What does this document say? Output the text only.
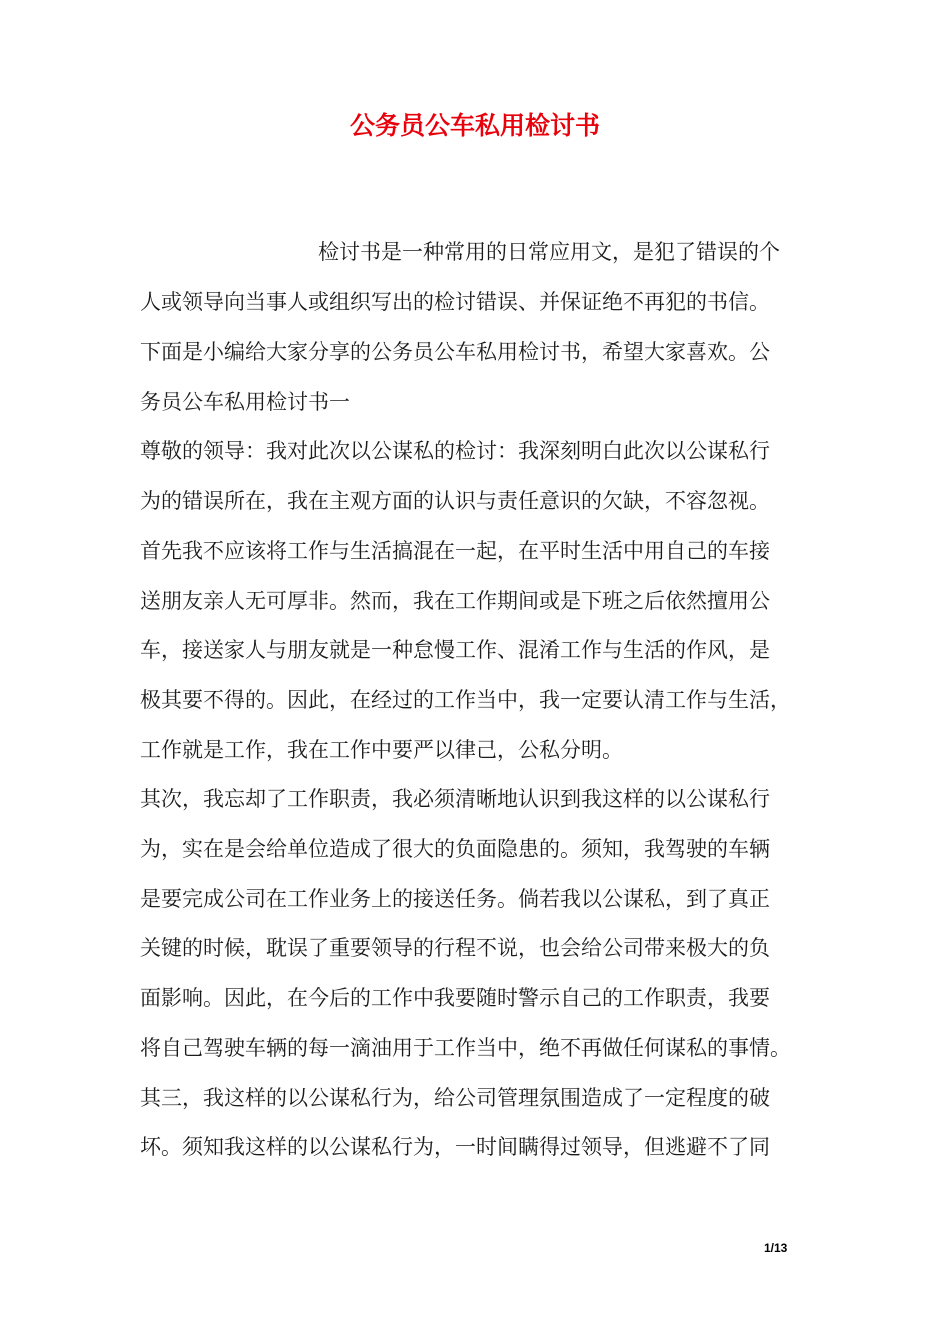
公务员公车私用检讨书

检讨书是一种常用的日常应用文，是犯了错误的个

人或领导向当事人或组织写出的检讨错误、并保证绝不再犯的书信。

下面是小编给大家分享的公务员公车私用检讨书，希望大家喜欢。公

务员公车私用检讨书一

尊敬的领导：我对此次以公谋私的检讨：我深刻明白此次以公谋私行

为的错误所在，我在主观方面的认识与责任意识的欠缺，不容忽视。

首先我不应该将工作与生活搞混在一起，在平时生活中用自己的车接

送朋友亲人无可厚非。然而，我在工作期间或是下班之后依然擅用公

车，接送家人与朋友就是一种怠慢工作、混淆工作与生活的作风，是

极其要不得的。因此，在经过的工作当中，我一定要认清工作与生活，

工作就是工作，我在工作中要严以律己，公私分明。

其次，我忘却了工作职责，我必须清晰地认识到我这样的以公谋私行

为，实在是会给单位造成了很大的负面隐患的。须知，我驾驶的车辆

是要完成公司在工作业务上的接送任务。倘若我以公谋私，到了真正

关键的时候，耽误了重要领导的行程不说，也会给公司带来极大的负

面影响。因此，在今后的工作中我要随时警示自己的工作职责，我要

将自己驾驶车辆的每一滴油用于工作当中，绝不再做任何谋私的事情。

其三，我这样的以公谋私行为，给公司管理氛围造成了一定程度的破

坏。须知我这样的以公谋私行为，一时间瞒得过领导，但逃避不了同

1/13
